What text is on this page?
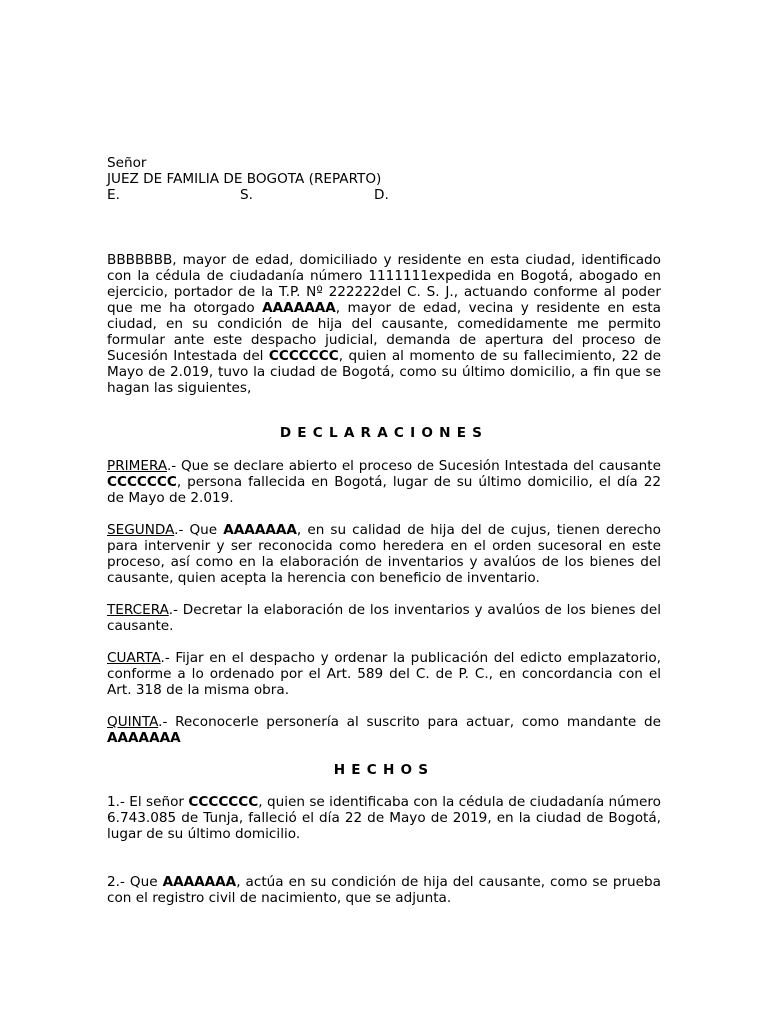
Señor
JUEZ DE FAMILIA DE BOGOTA (REPARTO)
E.	S.	D.

BBBBBBB, mayor de edad, domiciliado y residente en esta ciudad, identificado con la cédula de ciudadanía número 1111111expedida en Bogotá, abogado en ejercicio, portador de la T.P. Nº 222222del C. S. J., actuando conforme al poder que me ha otorgado AAAAAAA, mayor de edad, vecina y residente en esta ciudad, en su condición de hija del causante, comedidamente me permito formular ante este despacho judicial, demanda de apertura del proceso de Sucesión Intestada del CCCCCCC, quien al momento de su fallecimiento, 22 de Mayo de 2.019, tuvo la ciudad de Bogotá, como su último domicilio, a fin que se hagan las siguientes,

DECLARACIONES

PRIMERA.- Que se declare abierto el proceso de Sucesión Intestada del causante CCCCCCC, persona fallecida en Bogotá, lugar de su último domicilio, el día 22 de Mayo de 2.019.

SEGUNDA.- Que AAAAAAA, en su calidad de hija del de cujus, tienen derecho para intervenir y ser reconocida como heredera en el orden sucesoral en este proceso, así como en la elaboración de inventarios y avalúos de los bienes del causante, quien acepta la herencia con beneficio de inventario.

TERCERA.- Decretar la elaboración de los inventarios y avalúos de los bienes del causante.

CUARTA.- Fijar en el despacho y ordenar la publicación del edicto emplazatorio, conforme a lo ordenado por el Art. 589 del C. de P. C., en concordancia con el Art. 318 de la misma obra.

QUINTA.- Reconocerle personería al suscrito para actuar, como mandante de AAAAAAA

HECHOS

1.- El señor CCCCCCC, quien se identificaba con la cédula de ciudadanía número 6.743.085 de Tunja, falleció el día 22 de Mayo de 2019, en la ciudad de Bogotá, lugar de su último domicilio.

2.- Que AAAAAAA, actúa en su condición de hija del causante, como se prueba con el registro civil de nacimiento, que se adjunta.
